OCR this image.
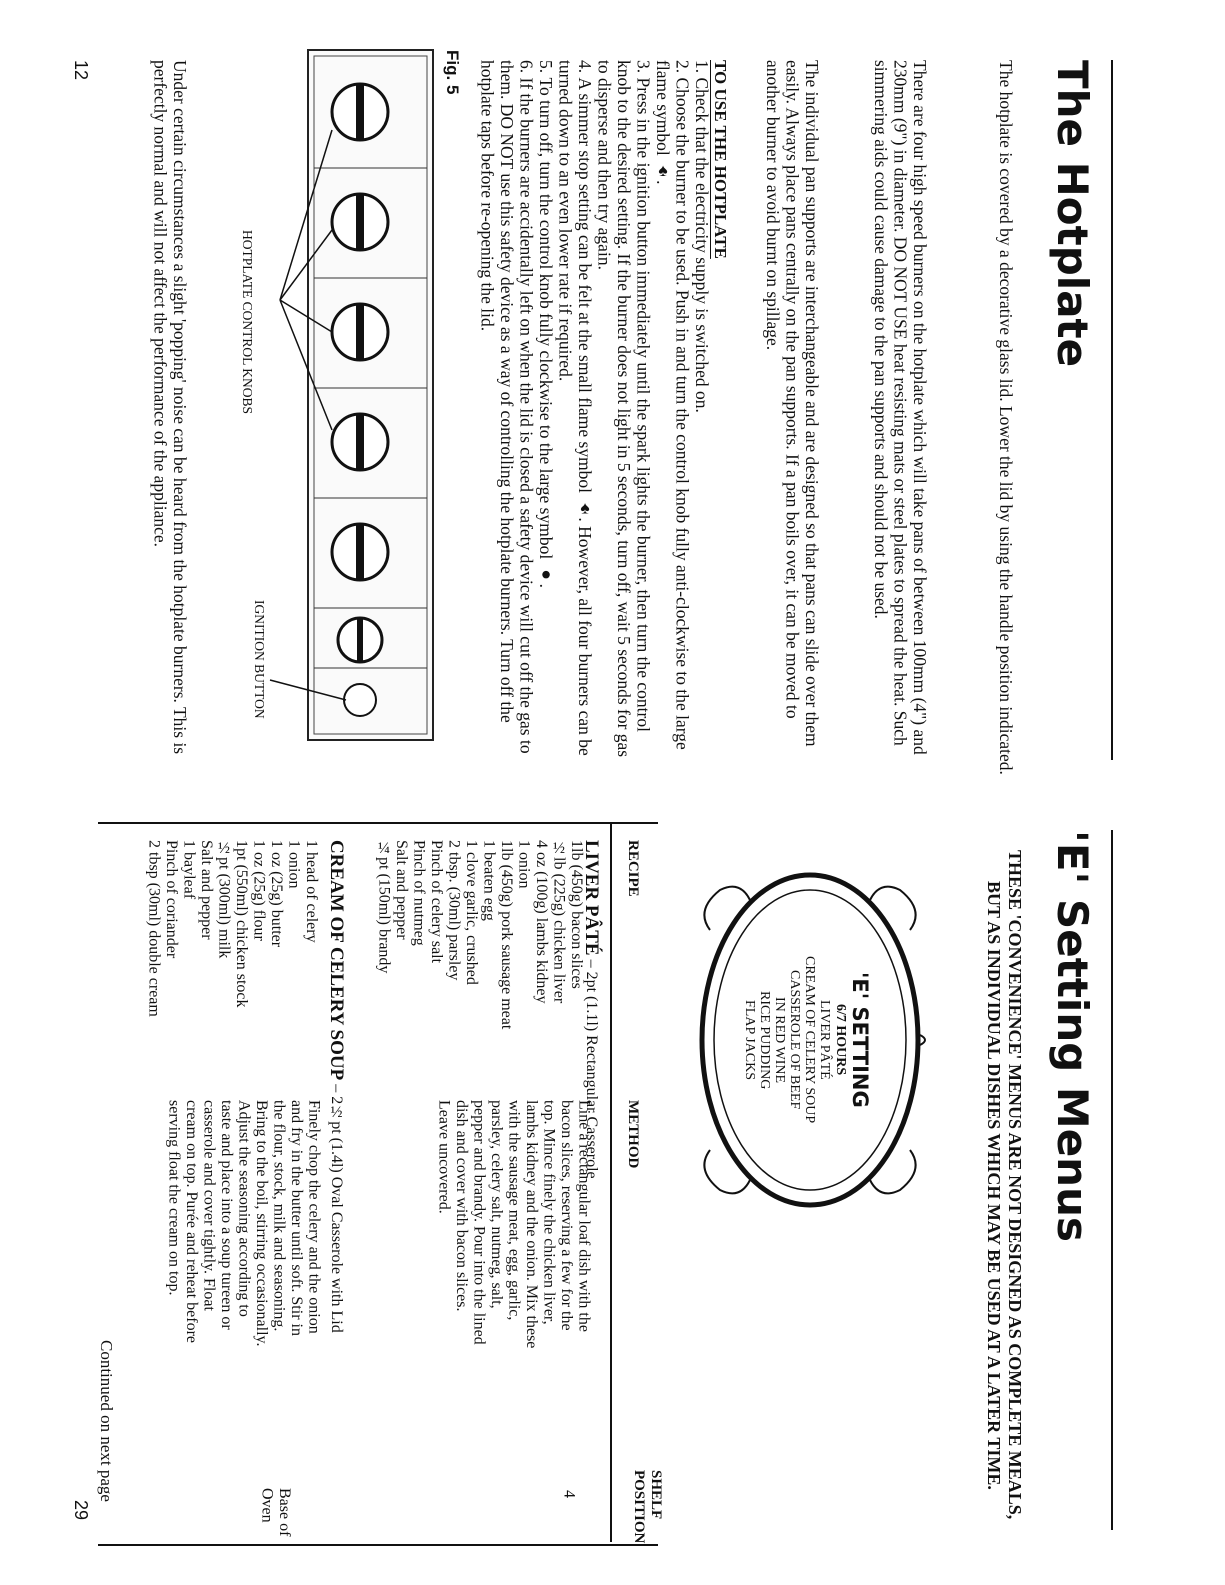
The Hotplate
The hotplate is covered by a decorative glass lid. Lower the lid by using the handle position indicated.
There are four high speed burners on the hotplate which will take pans of between 100mm (4") and 230mm (9") in diameter. DO NOT USE heat resisting mats or steel plates to spread the heat. Such simmering aids could cause damage to the pan supports and should not be used.
The individual pan supports are interchangeable and are designed so that pans can slide over them easily. Always place pans centrally on the pan supports. If a pan boils over, it can be moved to another burner to avoid burnt on spillage.
TO USE THE HOTPLATE
1. Check that the electricity supply is switched on.
2. Choose the burner to be used. Push in and turn the control knob fully anti-clockwise to the large flame symbol ♠.
3. Press in the ignition button immediately until the spark lights the burner, then turn the control knob to the desired setting. If the burner does not light in 5 seconds, turn off, wait 5 seconds for gas to disperse and then try again.
4. A simmer stop setting can be felt at the small flame symbol ♠. However, all four burners can be turned down to an even lower rate if required.
5. To turn off, turn the control knob fully clockwise to the large symbol ●.
6. If the burners are accidentally left on when the lid is closed a safety device will cut off the gas to them. DO NOT use this safety device as a way of controlling the hotplate burners. Turn off the hotplate taps before re-opening the lid.
Fig. 5
HOTPLATE CONTROL KNOBS
IGNITION BUTTON
Under certain circumstances a slight 'popping' noise can be heard from the hotplate burners. This is perfectly normal and will not affect the performance of the appliance.
12
'E' Setting Menus
THESE 'CONVENIENCE' MENUS ARE NOT DESIGNED AS COMPLETE MEALS, BUT AS INDIVIDUAL DISHES WHICH MAY BE USED AT A LATER TIME.
'E' SETTING
6/7 HOURS
LIVER PÂTÉ
CREAM OF CELERY SOUP
CASSEROLE OF BEEF
IN RED WINE
RICE PUDDING
FLAP JACKS
RECIPE
METHOD
SHELF POSITION
LIVER PÂTÉ – 2pt (1.1l) Rectangular Casserole
1lb (450g) bacon slices
½lb (225g) chicken liver
4 oz (100g) lambs kidney
1 onion
1lb (450g) pork sausage meat
1 beaten egg
1 clove garlic, crushed
2 tbsp. (30ml) parsley
Pinch of celery salt
Pinch of nutmeg
Salt and pepper
¼pt (150ml) brandy
Line a rectangular loaf dish with the bacon slices, reserving a few for the top. Mince finely the chicken liver, lambs kidney and the onion. Mix these with the sausage meat, egg, garlic, parsley, celery salt, nutmeg, salt, pepper and brandy. Pour into the lined dish and cover with bacon slices. Leave uncovered.
4
CREAM OF CELERY SOUP – 2½pt (1.4l) Oval Casserole with Lid
1 head of celery
1 onion
1 oz (25g) butter
1 oz (25g) flour
1pt (550ml) chicken stock
½pt (300ml) milk
Salt and pepper
1 bayleaf
Pinch of coriander
2 tbsp (30ml) double cream
Finely chop the celery and the onion and fry in the butter until soft. Stir in the flour, stock, milk and seasoning. Bring to the boil, stirring occasionally. Adjust the seasoning according to taste and place into a soup tureen or casserole and cover tightly. Float cream on top. Purée and reheat before serving float the cream on top.
Base of Oven
Continued on next page
29
